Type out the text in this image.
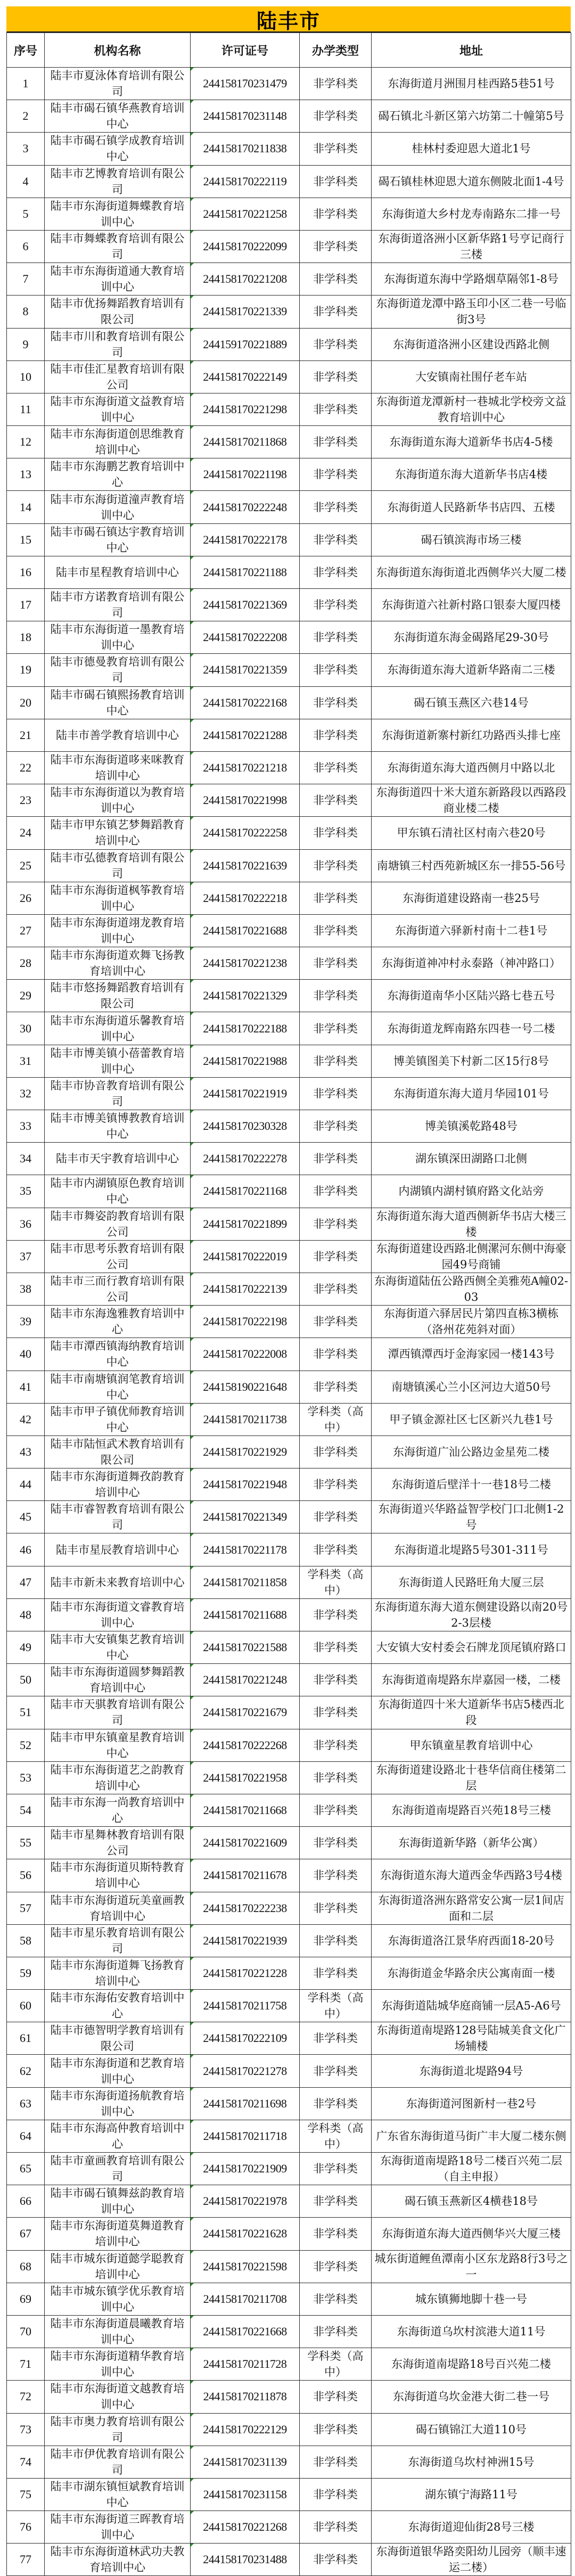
陆丰市
序号	机构名称	许可证号	办学类型	地址
1	陆丰市夏泳体育培训有限公司	244158170231479	非学科类	东海街道月洲围月桂西路5巷51号
2	陆丰市碣石镇华燕教育培训中心	244158170231148	非学科类	碣石镇北斗新区第六坊第二十幢第5号
3	陆丰市碣石镇学成教育培训中心	244158170211838	非学科类	桂林村委迎恩大道北1号
4	陆丰市艺博教育培训有限公司	244158170222119	非学科类	碣石镇桂林迎恩大道东侧陂北面1-4号
5	陆丰市东海街道舞蝶教育培训中心	244158170221258	非学科类	东海街道大乡村龙寿南路东二排一号
6	陆丰市舞蝶教育培训有限公司	244158170222099	非学科类	东海街道洛洲小区新华路1号亨记商行三楼
7	陆丰市东海街道通大教育培训中心	244158170221208	非学科类	东海街道东海中学路烟草隔邻1-8号
8	陆丰市优扬舞蹈教育培训有限公司	244158170221339	非学科类	东海街道龙潭中路玉印小区二巷一号临街3号
9	陆丰市川和教育培训有限公司	244159170221889	非学科类	东海街道洛洲小区建设西路北侧
10	陆丰市佳汇星教育培训有限公司	244158170222149	非学科类	大安镇南社围仔老车站
11	陆丰市东海街道文益教育培训中心	244158170221298	非学科类	东海街道龙潭新村一巷城北学校旁文益教育培训中心
12	陆丰市东海街道创思维教育培训中心	244158170211868	非学科类	东海街道东海大道新华书店4-5楼
13	陆丰市东海鹏艺教育培训中心	244158170221198	非学科类	东海街道东海大道新华书店4楼
14	陆丰市东海街道潼声教育培训中心	244158170222248	非学科类	东海街道人民路新华书店四、五楼
15	陆丰市碣石镇达宇教育培训中心	244158170222178	非学科类	碣石镇滨海市场三楼
16	陆丰市星程教育培训中心	244158170221188	非学科类	东海街道东海街道北西侧华兴大厦二楼
17	陆丰市方诺教育培训有限公司	244158170221369	非学科类	东海街道六社新村路口银泰大厦四楼
18	陆丰市东海街道一墨教育培训中心	244158170222208	非学科类	东海街道东海金碣路尾29-30号
19	陆丰市德曼教育培训有限公司	244158170221359	非学科类	东海街道东海大道新华路南二三楼
20	陆丰市碣石镇熙扬教育培训中心	244158170222168	非学科类	碣石镇玉燕区六巷14号
21	陆丰市善学教育培训中心	244158170221288	非学科类	东海街道新寨村新红功路西头排七座
22	陆丰市东海街道哆来咪教育培训中心	244158170221218	非学科类	东海街道东海大道西侧月中路以北
23	陆丰市东海街道以为教育培训中心	244158170221998	非学科类	东海街道四十米大道东新路段以西路段商业楼二楼
24	陆丰市甲东镇艺梦舞蹈教育培训中心	244158170222258	非学科类	甲东镇石清社区村南六巷20号
25	陆丰市弘德教育培训有限公司	244158170221639	非学科类	南塘镇三村西苑新城区东一排55-56号
26	陆丰市东海街道枫筝教育培训中心	244158170222218	非学科类	东海街道建设路南一巷25号
27	陆丰市东海街道翊龙教育培训中心	244158170221688	非学科类	东海街道六驿新村南十二巷1号
28	陆丰市东海街道欢舞飞扬教育培训中心	244158170221238	非学科类	东海街道神冲村永泰路（神冲路口）
29	陆丰市悠扬舞蹈教育培训有限公司	244158170221329	非学科类	东海街道南华小区陆兴路七巷五号
30	陆丰市东海街道乐馨教育培训中心	244158170222188	非学科类	东海街道龙辉南路东四巷一号二楼
31	陆丰市博美镇小蓓蕾教育培训中心	244158170221988	非学科类	博美镇图美下村新二区15行8号
32	陆丰市协音教育培训有限公司	244158170221919	非学科类	东海街道东海大道月华园101号
33	陆丰市博美镇博教教育培训中心	244158170230328	非学科类	博美镇溪乾路48号
34	陆丰市天宇教育培训中心	244158170222278	非学科类	湖东镇深田湖路口北侧
35	陆丰市内湖镇原色教育培训中心	244158170221168	非学科类	内湖镇内湖村镇府路文化站旁
36	陆丰市舞姿韵教育培训有限公司	244158170221899	非学科类	东海街道东海大道西侧新华书店大楼三楼
37	陆丰市思考乐教育培训有限公司	244158170222019	非学科类	东海街道建设西路北侧漯河东侧中海豪园49号商铺
38	陆丰市三而行教育培训有限公司	244158170222139	非学科类	东海街道陆伍公路西侧全美雅苑A幢02-03
39	陆丰市东海逸雅教育培训中心	244158170222198	非学科类	东海街道六驿居民片第四直栋3横栋（洛州花苑斜对面）
40	陆丰市潭西镇海纳教育培训中心	244158170222008	非学科类	潭西镇潭西圩金海家园一楼143号
41	陆丰市南塘镇润笔教育培训中心	244158190221648	非学科类	南塘镇溪心兰小区河边大道50号
42	陆丰市甲子镇优师教育培训中心	244158170211738	学科类（高中）	甲子镇金源社区七区新兴九巷1号
43	陆丰市陆恒武术教育培训有限公司	244158170221929	非学科类	东海街道广汕公路边金星苑二楼
44	陆丰市东海街道舞孜韵教育培训中心	244158170221948	非学科类	东海街道后壁洋十一巷18号二楼
45	陆丰市睿智教育培训有限公司	244158170221349	非学科类	东海街道兴华路益智学校门口北侧1-2号
46	陆丰市星辰教育培训中心	244158170221178	非学科类	东海街道北堤路5号301-311号
47	陆丰市新未来教育培训中心	244158170211858	学科类（高中）	东海街道人民路旺角大厦三层
48	陆丰市东海街道文睿教育培训中心	244158170211688	非学科类	东海街道东海大道东侧建设路以南20号2-3层楼
49	陆丰市大安镇集艺教育培训中心	244158170221588	非学科类	大安镇大安村委会石牌龙顶尾镇府路口
50	陆丰市东海街道圆梦舞蹈教育培训中心	244158170221248	非学科类	东海街道南堤路东岸嘉园一楼，二楼
51	陆丰市天骐教育培训有限公司	244158170221679	非学科类	东海街道四十米大道新华书店5楼西北段
52	陆丰市甲东镇童星教育培训中心	244158170222268	非学科类	甲东镇童星教育培训中心
53	陆丰市东海街道艺之韵教育培训中心	244158170221958	非学科类	东海街道建设路北十巷华信商住楼第二层
54	陆丰市东海一尚教育培训中心	244158170211668	非学科类	东海街道南堤路百兴苑18号三楼
55	陆丰市星舞林教育培训有限公司	244158170221609	非学科类	东海街道新华路（新华公寓）
56	陆丰市东海街道贝斯特教育培训中心	244158170211678	非学科类	东海街道东海大道西金华西路3号4楼
57	陆丰市东海街道玩美童画教育培训中心	244158170222238	非学科类	东海街道洛洲东路常安公寓一层1间店面和二层
58	陆丰市星乐教育培训有限公司	244158170221939	非学科类	东海街道洛江景华府西面18-20号
59	陆丰市东海街道舞飞扬教育培训中心	244158170221228	非学科类	东海街道金华路余庆公寓南面一楼
60	陆丰市东海佑安教育培训中心	244158170211758	学科类（高中）	东海街道陆城华庭商铺一层A5-A6号
61	陆丰市德智明学教育培训有限公司	244158170222109	非学科类	东海街道南堤路128号陆城美食文化广场辅楼
62	陆丰市东海街道和艺教育培训中心	244158170221278	非学科类	东海街道北堤路94号
63	陆丰市东海街道扬航教育培训中心	244158170211698	非学科类	东海街道河图新村一巷2号
64	陆丰市东海高仲教育培训中心	244158170211718	学科类（高中）	广东省东海街道马街广丰大厦二楼东侧
65	陆丰市童画教育培训有限公司	244158170221909	非学科类	东海街道南堤路18号二楼百兴苑二层（自主申报）
66	陆丰市碣石镇舞兹韵教育培训中心	244158170221978	非学科类	碣石镇玉燕新区4横巷18号
67	陆丰市东海街道莫舞道教育培训中心	244158170221628	非学科类	东海街道东海大道西侧华兴大厦三楼
68	陆丰市城东街道懿学聪教育培训中心	244158170221598	非学科类	城东街道鲤鱼潭南小区东龙路8行3号之一
69	陆丰市城东镇学优乐教育培训中心	244158170211708	非学科类	城东镇狮地脚十巷一号
70	陆丰市东海街道晨曦教育培训中心	244158170221668	非学科类	东海街道乌坎村滨港大道11号
71	陆丰市东海街道精华教育培训中心	244158170211728	学科类（高中）	东海街道南堤路18号百兴苑二楼
72	陆丰市东海街道文越教育培训中心	244158170211878	非学科类	东海街道乌坎金港大街二巷一号
73	陆丰市奥力教育培训有限公司	244158170222129	非学科类	碣石镇锦江大道110号
74	陆丰市伊优教育培训有限公司	244158170231139	非学科类	东海街道乌坎村神洲15号
75	陆丰市湖东镇恒斌教育培训中心	244158170231158	非学科类	湖东镇宁海路11号
76	陆丰市东海街道三晖教育培训中心	244158170221268	非学科类	东海街道迎仙街28号三楼
77	陆丰市东海街道林武功夫教育培训中心	244158170231488	非学科类	东海街道银华路奕阳幼儿园旁（顺丰速运二楼）
